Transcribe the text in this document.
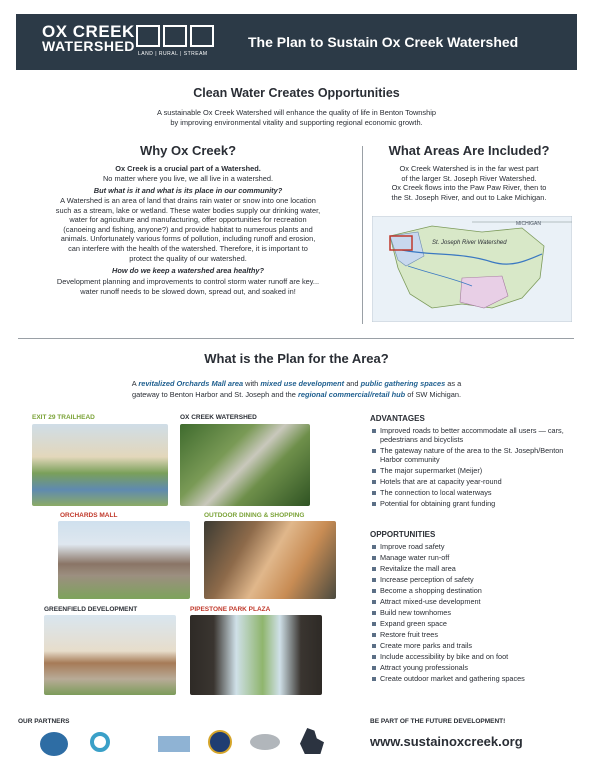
OX CREEK
WATERSHED LAND | RURAL | STREAM
The Plan to Sustain Ox Creek Watershed
Clean Water Creates Opportunities
A sustainable Ox Creek Watershed will enhance the quality of life in Benton Township
by improving environmental vitality and supporting regional economic growth.
Why Ox Creek?
Ox Creek is a crucial part of a Watershed.
No matter where you live, we all live in a watershed.
But what is it and what is its place in our community?
A Watershed is an area of land that drains rain water or snow into one location
such as a stream, lake or wetland. These water bodies supply our drinking water,
water for agriculture and manufacturing, offer opportunities for recreation
(canoeing and fishing, anyone?) and provide habitat to numerous plants and
animals. Unfortunately various forms of pollution, including runoff and erosion,
can interfere with the health of the watershed. Therefore, it is important to
protect the quality of our watershed.
How do we keep a watershed area healthy?
Development planning and improvements to control storm water runoff are key...
water runoff needs to be slowed down, spread out, and soaked in!
What Areas Are Included?
Ox Creek Watershed is in the far west part
of the larger St. Joseph River Watershed.
Ox Creek flows into the Paw Paw River, then to
the St. Joseph River, and out to Lake Michigan.
St. Joseph River Watershed
MICHIGAN
What is the Plan for the Area?
A revitalized Orchards Mall area with mixed use development and public gathering spaces as a
gateway to Benton Harbor and St. Joseph and the regional commercial/retail hub of SW Michigan.
EXIT 29 TRAILHEAD	OX CREEK WATERSHED
ORCHARDS MALL	OUTDOOR DINING & SHOPPING
GREENFIELD DEVELOPMENT	PIPESTONE PARK PLAZA
ADVANTAGES
Improved roads to better accommodate all users — cars, pedestrians and bicyclists
The gateway nature of the area to the St. Joseph/Benton Harbor community
The major supermarket (Meijer)
Hotels that are at capacity year-round
The connection to local waterways
Potential for obtaining grant funding
OPPORTUNITIES
Improve road safety
Manage water run-off
Revitalize the mall area
Increase perception of safety
Become a shopping destination
Attract mixed-use development
Build new townhomes
Expand green space
Restore fruit trees
Create more parks and trails
Include accessibility by bike and on foot
Attract young professionals
Create outdoor market and gathering spaces
OUR PARTNERS	BE PART OF THE FUTURE DEVELOPMENT!
www.sustainoxcreek.org
